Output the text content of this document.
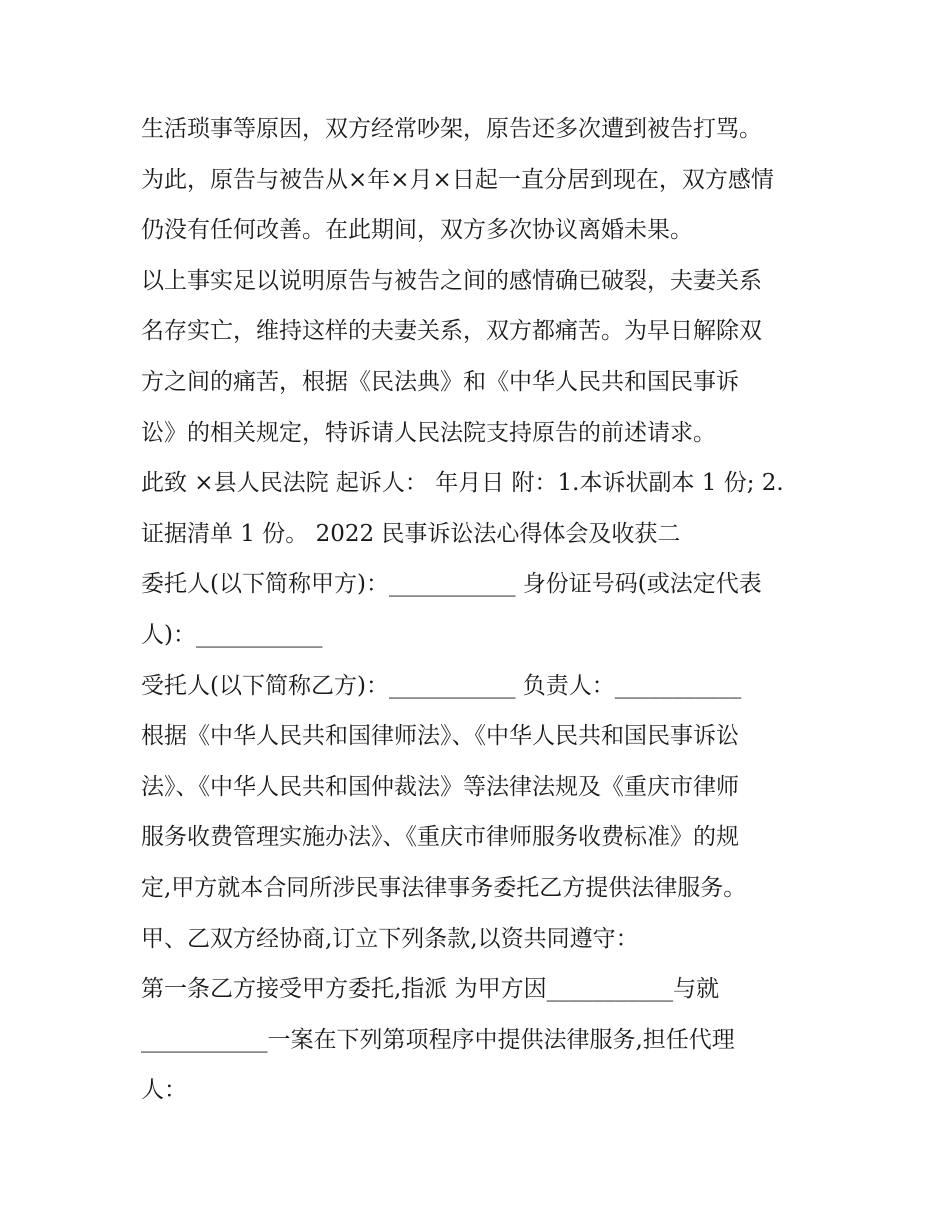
生活琐事等原因，双方经常吵架，原告还多次遭到被告打骂。
为此，原告与被告从×年×月×日起一直分居到现在，双方感情
仍没有任何改善。在此期间，双方多次协议离婚未果。
以上事实足以说明原告与被告之间的感情确已破裂，夫妻关系
名存实亡，维持这样的夫妻关系，双方都痛苦。为早日解除双
方之间的痛苦，根据《民法典》和《中华人民共和国民事诉
讼》的相关规定，特诉请人民法院支持原告的前述请求。
此致 ×县人民法院 起诉人： 年月日 附：1.本诉状副本 1 份; 2.
证据清单 1 份。 2022 民事诉讼法心得体会及收获二
委托人(以下简称甲方)：___________ 身份证号码(或法定代表
人)：___________
受托人(以下简称乙方)：___________ 负责人：___________
根据《中华人民共和国律师法》、《中华人民共和国民事诉讼
法》、《中华人民共和国仲裁法》等法律法规及《重庆市律师
服务收费管理实施办法》、《重庆市律师服务收费标准》的规
定,甲方就本合同所涉民事法律事务委托乙方提供法律服务。
甲、乙双方经协商,订立下列条款,以资共同遵守：
第一条乙方接受甲方委托,指派 为甲方因___________与就
___________一案在下列第项程序中提供法律服务,担任代理
人：
